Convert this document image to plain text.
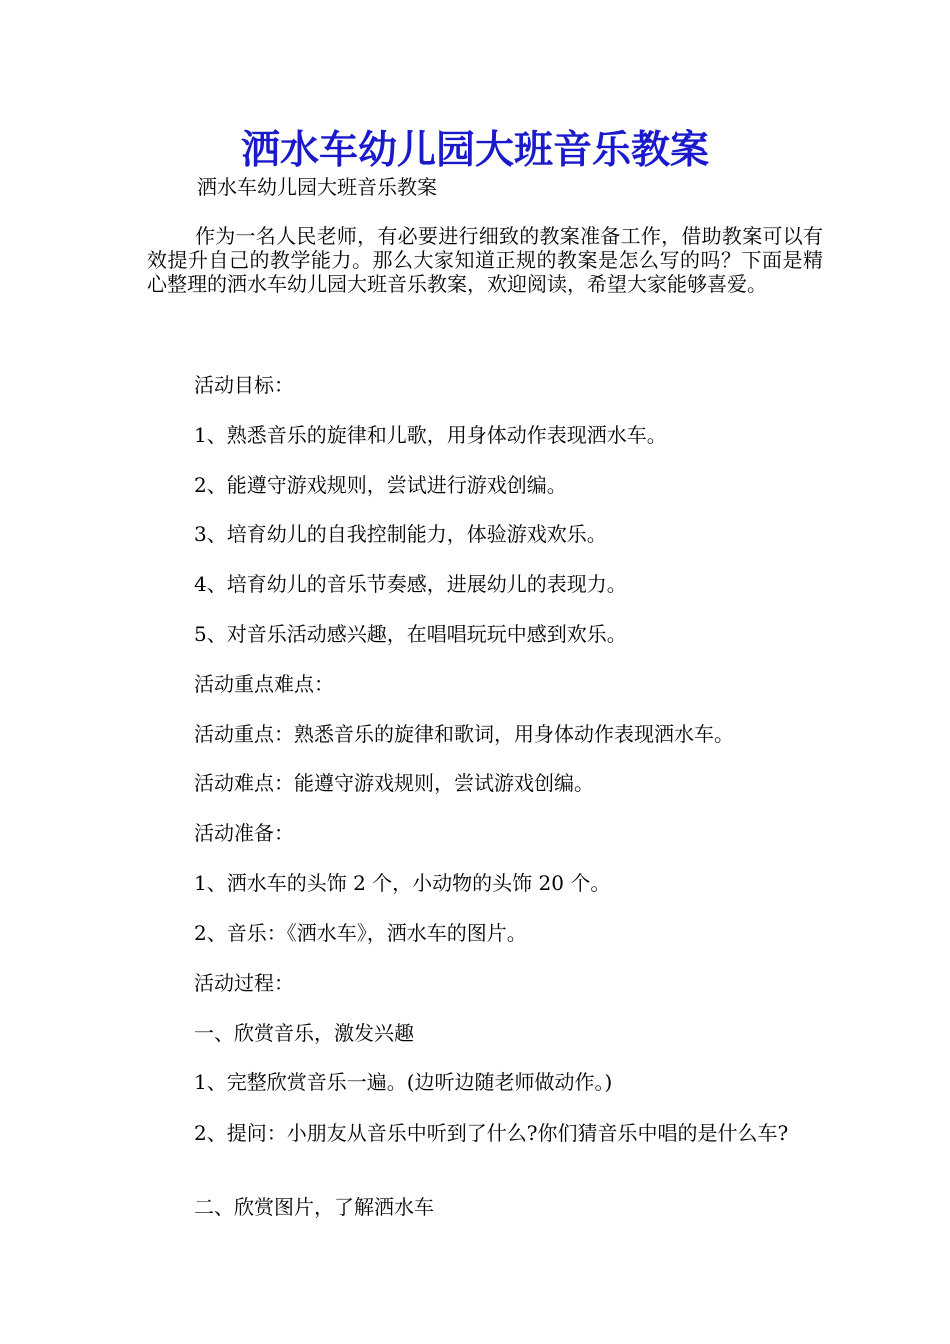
洒水车幼儿园大班音乐教案
洒水车幼儿园大班音乐教案
作为一名人民老师，有必要进行细致的教案准备工作，借助教案可以有效提升自己的教学能力。那么大家知道正规的教案是怎么写的吗？下面是精心整理的洒水车幼儿园大班音乐教案，欢迎阅读，希望大家能够喜爱。
活动目标：
1、熟悉音乐的旋律和儿歌，用身体动作表现洒水车。
2、能遵守游戏规则，尝试进行游戏创编。
3、培育幼儿的自我控制能力，体验游戏欢乐。
4、培育幼儿的音乐节奏感，进展幼儿的表现力。
5、对音乐活动感兴趣，在唱唱玩玩中感到欢乐。
活动重点难点：
活动重点：熟悉音乐的旋律和歌词，用身体动作表现洒水车。
活动难点：能遵守游戏规则，尝试游戏创编。
活动准备：
1、洒水车的头饰 2 个，小动物的头饰 20 个。
2、音乐：《洒水车》，洒水车的图片。
活动过程：
一、欣赏音乐，激发兴趣
1、完整欣赏音乐一遍。(边听边随老师做动作。)
2、提问：小朋友从音乐中听到了什么?你们猜音乐中唱的是什么车?
二、欣赏图片，了解洒水车
